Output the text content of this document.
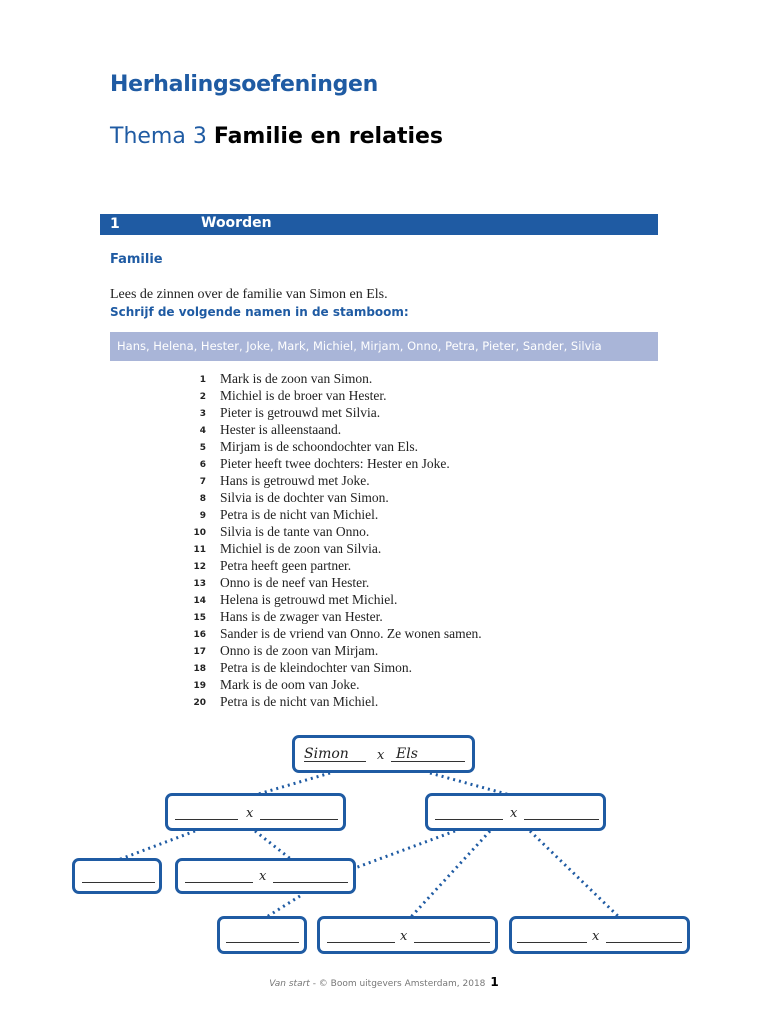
Herhalingsoefeningen
Thema 3 Familie en relaties
1	Woorden
Familie
Lees de zinnen over de familie van Simon en Els.
Schrijf de volgende namen in de stamboom:
Hans, Helena, Hester, Joke, Mark, Michiel, Mirjam, Onno, Petra, Pieter, Sander, Silvia
1 Mark is de zoon van Simon.
2 Michiel is de broer van Hester.
3 Pieter is getrouwd met Silvia.
4 Hester is alleenstaand.
5 Mirjam is de schoondochter van Els.
6 Pieter heeft twee dochters: Hester en Joke.
7 Hans is getrouwd met Joke.
8 Silvia is de dochter van Simon.
9 Petra is de nicht van Michiel.
10 Silvia is de tante van Onno.
11 Michiel is de zoon van Silvia.
12 Petra heeft geen partner.
13 Onno is de neef van Hester.
14 Helena is getrouwd met Michiel.
15 Hans is de zwager van Hester.
16 Sander is de vriend van Onno. Ze wonen samen.
17 Onno is de zoon van Mirjam.
18 Petra is de kleindochter van Simon.
19 Mark is de oom van Joke.
20 Petra is de nicht van Michiel.
Simon x Els
x	x
x
x	x
Van start - © Boom uitgevers Amsterdam, 2018 1
